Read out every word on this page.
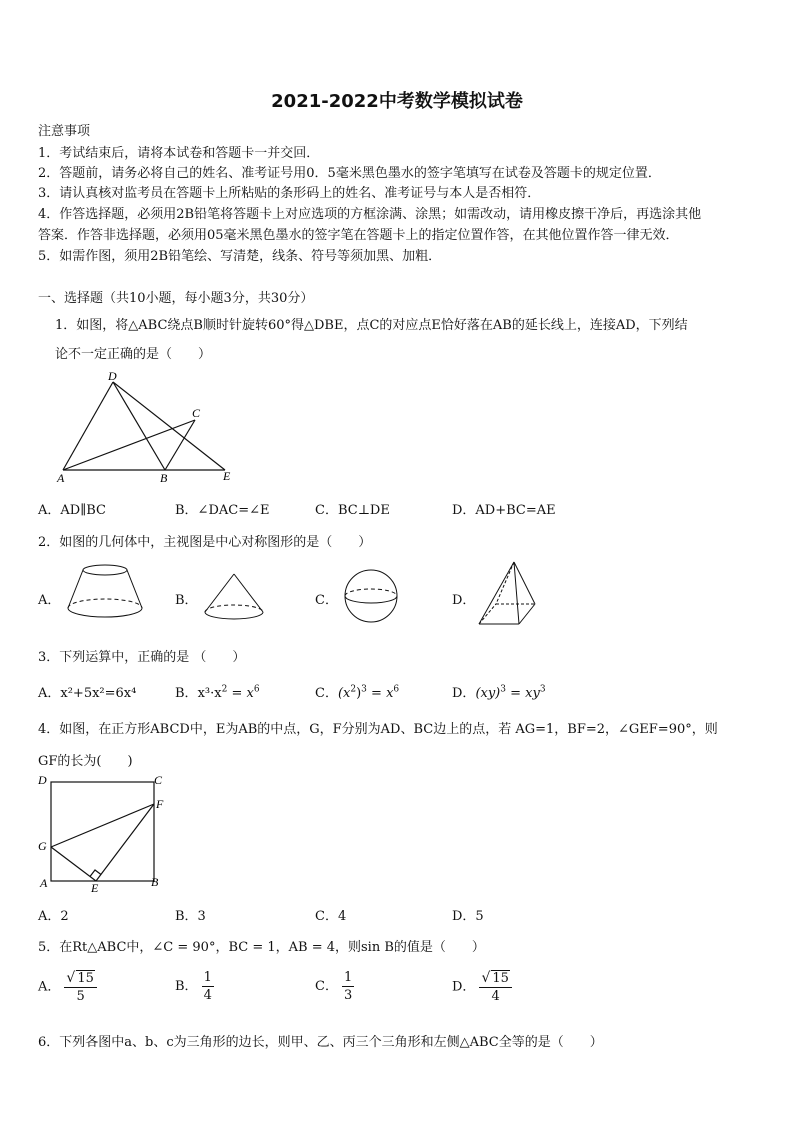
2021-2022中考数学模拟试卷
注意事项
1．考试结束后，请将本试卷和答题卡一并交回．
2．答题前，请务必将自己的姓名、准考证号用0．5毫米黑色墨水的签字笔填写在试卷及答题卡的规定位置．
3．请认真核对监考员在答题卡上所粘贴的条形码上的姓名、准考证号与本人是否相符．
4．作答选择题，必须用2B铅笔将答题卡上对应选项的方框涂满、涂黑；如需改动，请用橡皮擦干净后，再选涂其他
答案．作答非选择题，必须用05毫米黑色墨水的签字笔在答题卡上的指定位置作答，在其他位置作答一律无效．
5．如需作图，须用2B铅笔绘、写清楚，线条、符号等须加黑、加粗．
一、选择题（共10小题，每小题3分，共30分）
1．如图，将△ABC绕点B顺时针旋转60°得△DBE，点C的对应点E恰好落在AB的延长线上，连接AD，下列结
论不一定正确的是（　　）
D
C
A	B	E
A．AD∥BC	B．∠DAC=∠E	C．BC⊥DE	D．AD+BC=AE
2．如图的几何体中，主视图是中心对称图形的是（　　）
A．	B．	C．	D．
3．下列运算中，正确的是 （　　）
A．x²+5x²=6x⁴	B．$x^3\cdot x^2 = x^6$	C．$(x^2)^3 = x^6$	D．$(xy)^3 = xy^3$
4．如图，在正方形ABCD中，E为AB的中点，G，F分别为AD、BC边上的点，若 AG=1，BF=2，∠GEF=90°，则
GF的长为(　　)
D	C
F
G
A	E	B
A．2	B．3	C．4	D．5
5．在Rt△ABC中，∠C = 90°，BC = 1，AB = 4，则sin B的值是（　　）
A． $\frac{√ 15}{5}$	B． $\frac{1}{4}$	C． $\frac{1}{3}$	D． $\frac{√ 15}{4}$
6．下列各图中a、b、c为三角形的边长，则甲、乙、丙三个三角形和左侧△ABC全等的是（　　）
